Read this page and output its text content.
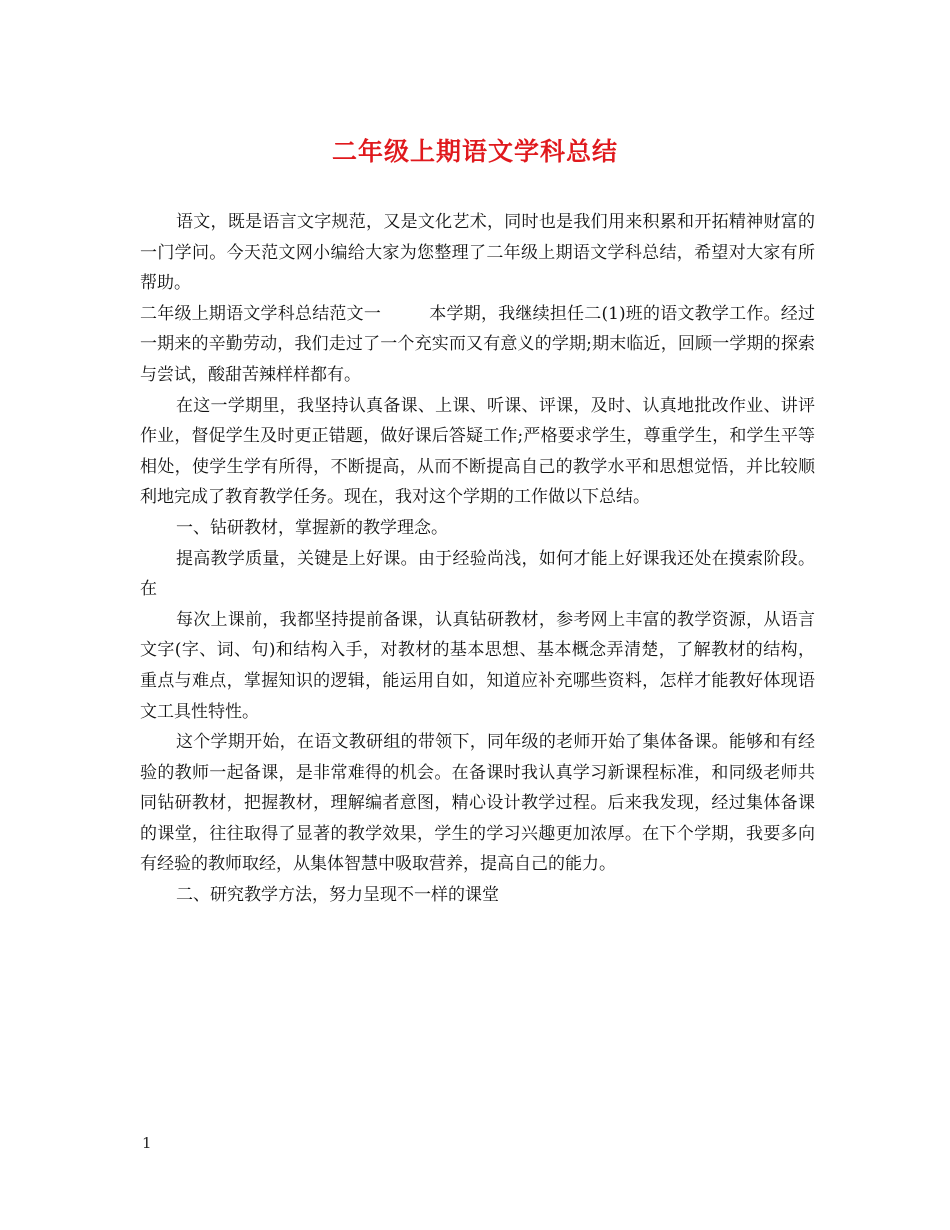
二年级上期语文学科总结

语文，既是语言文字规范，又是文化艺术，同时也是我们用来积累和开拓精神财富的一门学问。今天范文网小编给大家为您整理了二年级上期语文学科总结，希望对大家有所帮助。

二年级上期语文学科总结范文一	本学期，我继续担任二(1)班的语文教学工作。经过一期来的辛勤劳动，我们走过了一个充实而又有意义的学期;期末临近，回顾一学期的探索与尝试，酸甜苦辣样样都有。

在这一学期里，我坚持认真备课、上课、听课、评课，及时、认真地批改作业、讲评作业，督促学生及时更正错题，做好课后答疑工作;严格要求学生，尊重学生，和学生平等相处，使学生学有所得，不断提高，从而不断提高自己的教学水平和思想觉悟，并比较顺利地完成了教育教学任务。现在，我对这个学期的工作做以下总结。

一、钻研教材，掌握新的教学理念。

提高教学质量，关键是上好课。由于经验尚浅，如何才能上好课我还处在摸索阶段。在

每次上课前，我都坚持提前备课，认真钻研教材，参考网上丰富的教学资源，从语言文字(字、词、句)和结构入手，对教材的基本思想、基本概念弄清楚，了解教材的结构，重点与难点，掌握知识的逻辑，能运用自如，知道应补充哪些资料，怎样才能教好体现语文工具性特性。

这个学期开始，在语文教研组的带领下，同年级的老师开始了集体备课。能够和有经验的教师一起备课，是非常难得的机会。在备课时我认真学习新课程标准，和同级老师共同钻研教材，把握教材，理解编者意图，精心设计教学过程。后来我发现，经过集体备课的课堂，往往取得了显著的教学效果，学生的学习兴趣更加浓厚。在下个学期，我要多向有经验的教师取经，从集体智慧中吸取营养，提高自己的能力。

二、研究教学方法，努力呈现不一样的课堂

1
